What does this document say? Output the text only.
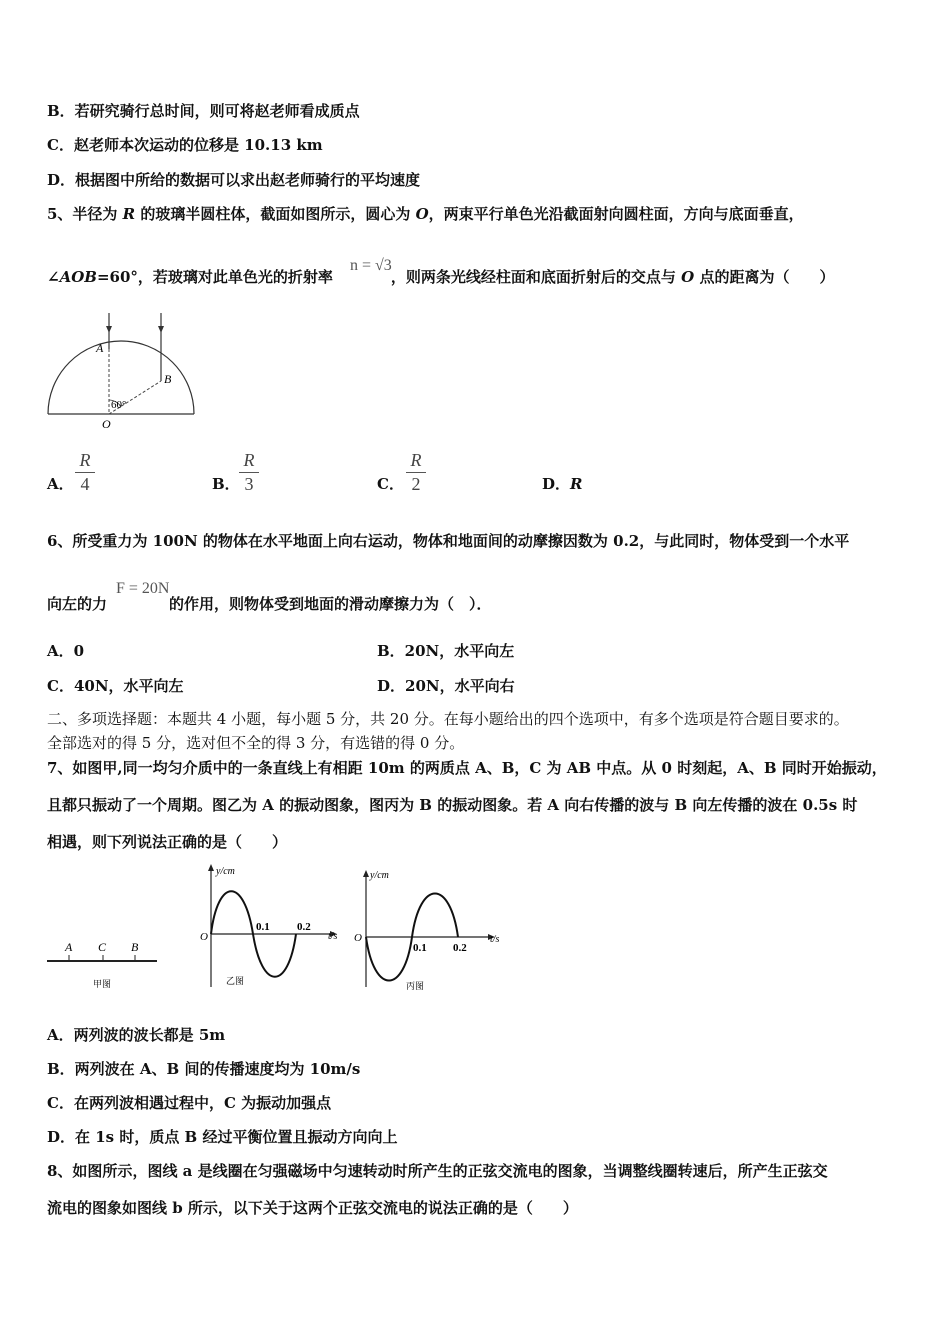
B．若研究骑行总时间，则可将赵老师看成质点
C．赵老师本次运动的位移是 10.13 km
D．根据图中所给的数据可以求出赵老师骑行的平均速度
5、半径为 R 的玻璃半圆柱体，截面如图所示，圆心为 O，两束平行单色光沿截面射向圆柱面，方向与底面垂直，
∠AOB=60°，若玻璃对此单色光的折射率	，则两条光线经柱面和底面折射后的交点与 O 点的距离为（　　）
n = √3
A
B
O
60°
A．
R
4	B．
R
3	C．
R
2	D．R
6、所受重力为 100N 的物体在水平地面上向右运动，物体和地面间的动摩擦因数为 0.2，与此同时，物体受到一个水平
向左的力	的作用，则物体受到地面的滑动摩擦力为（　）．
F = 20N
A．0	B．20N，水平向左
C．40N，水平向左	D．20N，水平向右
二、多项选择题：本题共 4 小题，每小题 5 分，共 20 分。在每小题给出的四个选项中，有多个选项是符合题目要求的。
全部选对的得 5 分，选对但不全的得 3 分，有选错的得 0 分。
7、如图甲,同一均匀介质中的一条直线上有相距 10m 的两质点 A、B，C 为 AB 中点。从 0 时刻起，A、B 同时开始振动，
且都只振动了一个周期。图乙为 A 的振动图象，图丙为 B 的振动图象。若 A 向右传播的波与 B 向左传播的波在 0.5s 时
相遇，则下列说法正确的是（　　）
A C B
甲图
y/cm
t/s
O
0.1 0.2
乙图
y/cm
t/s
O
0.1 0.2
丙图
A．两列波的波长都是 5m
B．两列波在 A、B 间的传播速度均为 10m/s
C．在两列波相遇过程中，C 为振动加强点
D．在 1s 时，质点 B 经过平衡位置且振动方向向上
8、如图所示，图线 a 是线圈在匀强磁场中匀速转动时所产生的正弦交流电的图象，当调整线圈转速后，所产生正弦交
流电的图象如图线 b 所示，以下关于这两个正弦交流电的说法正确的是（　　）
